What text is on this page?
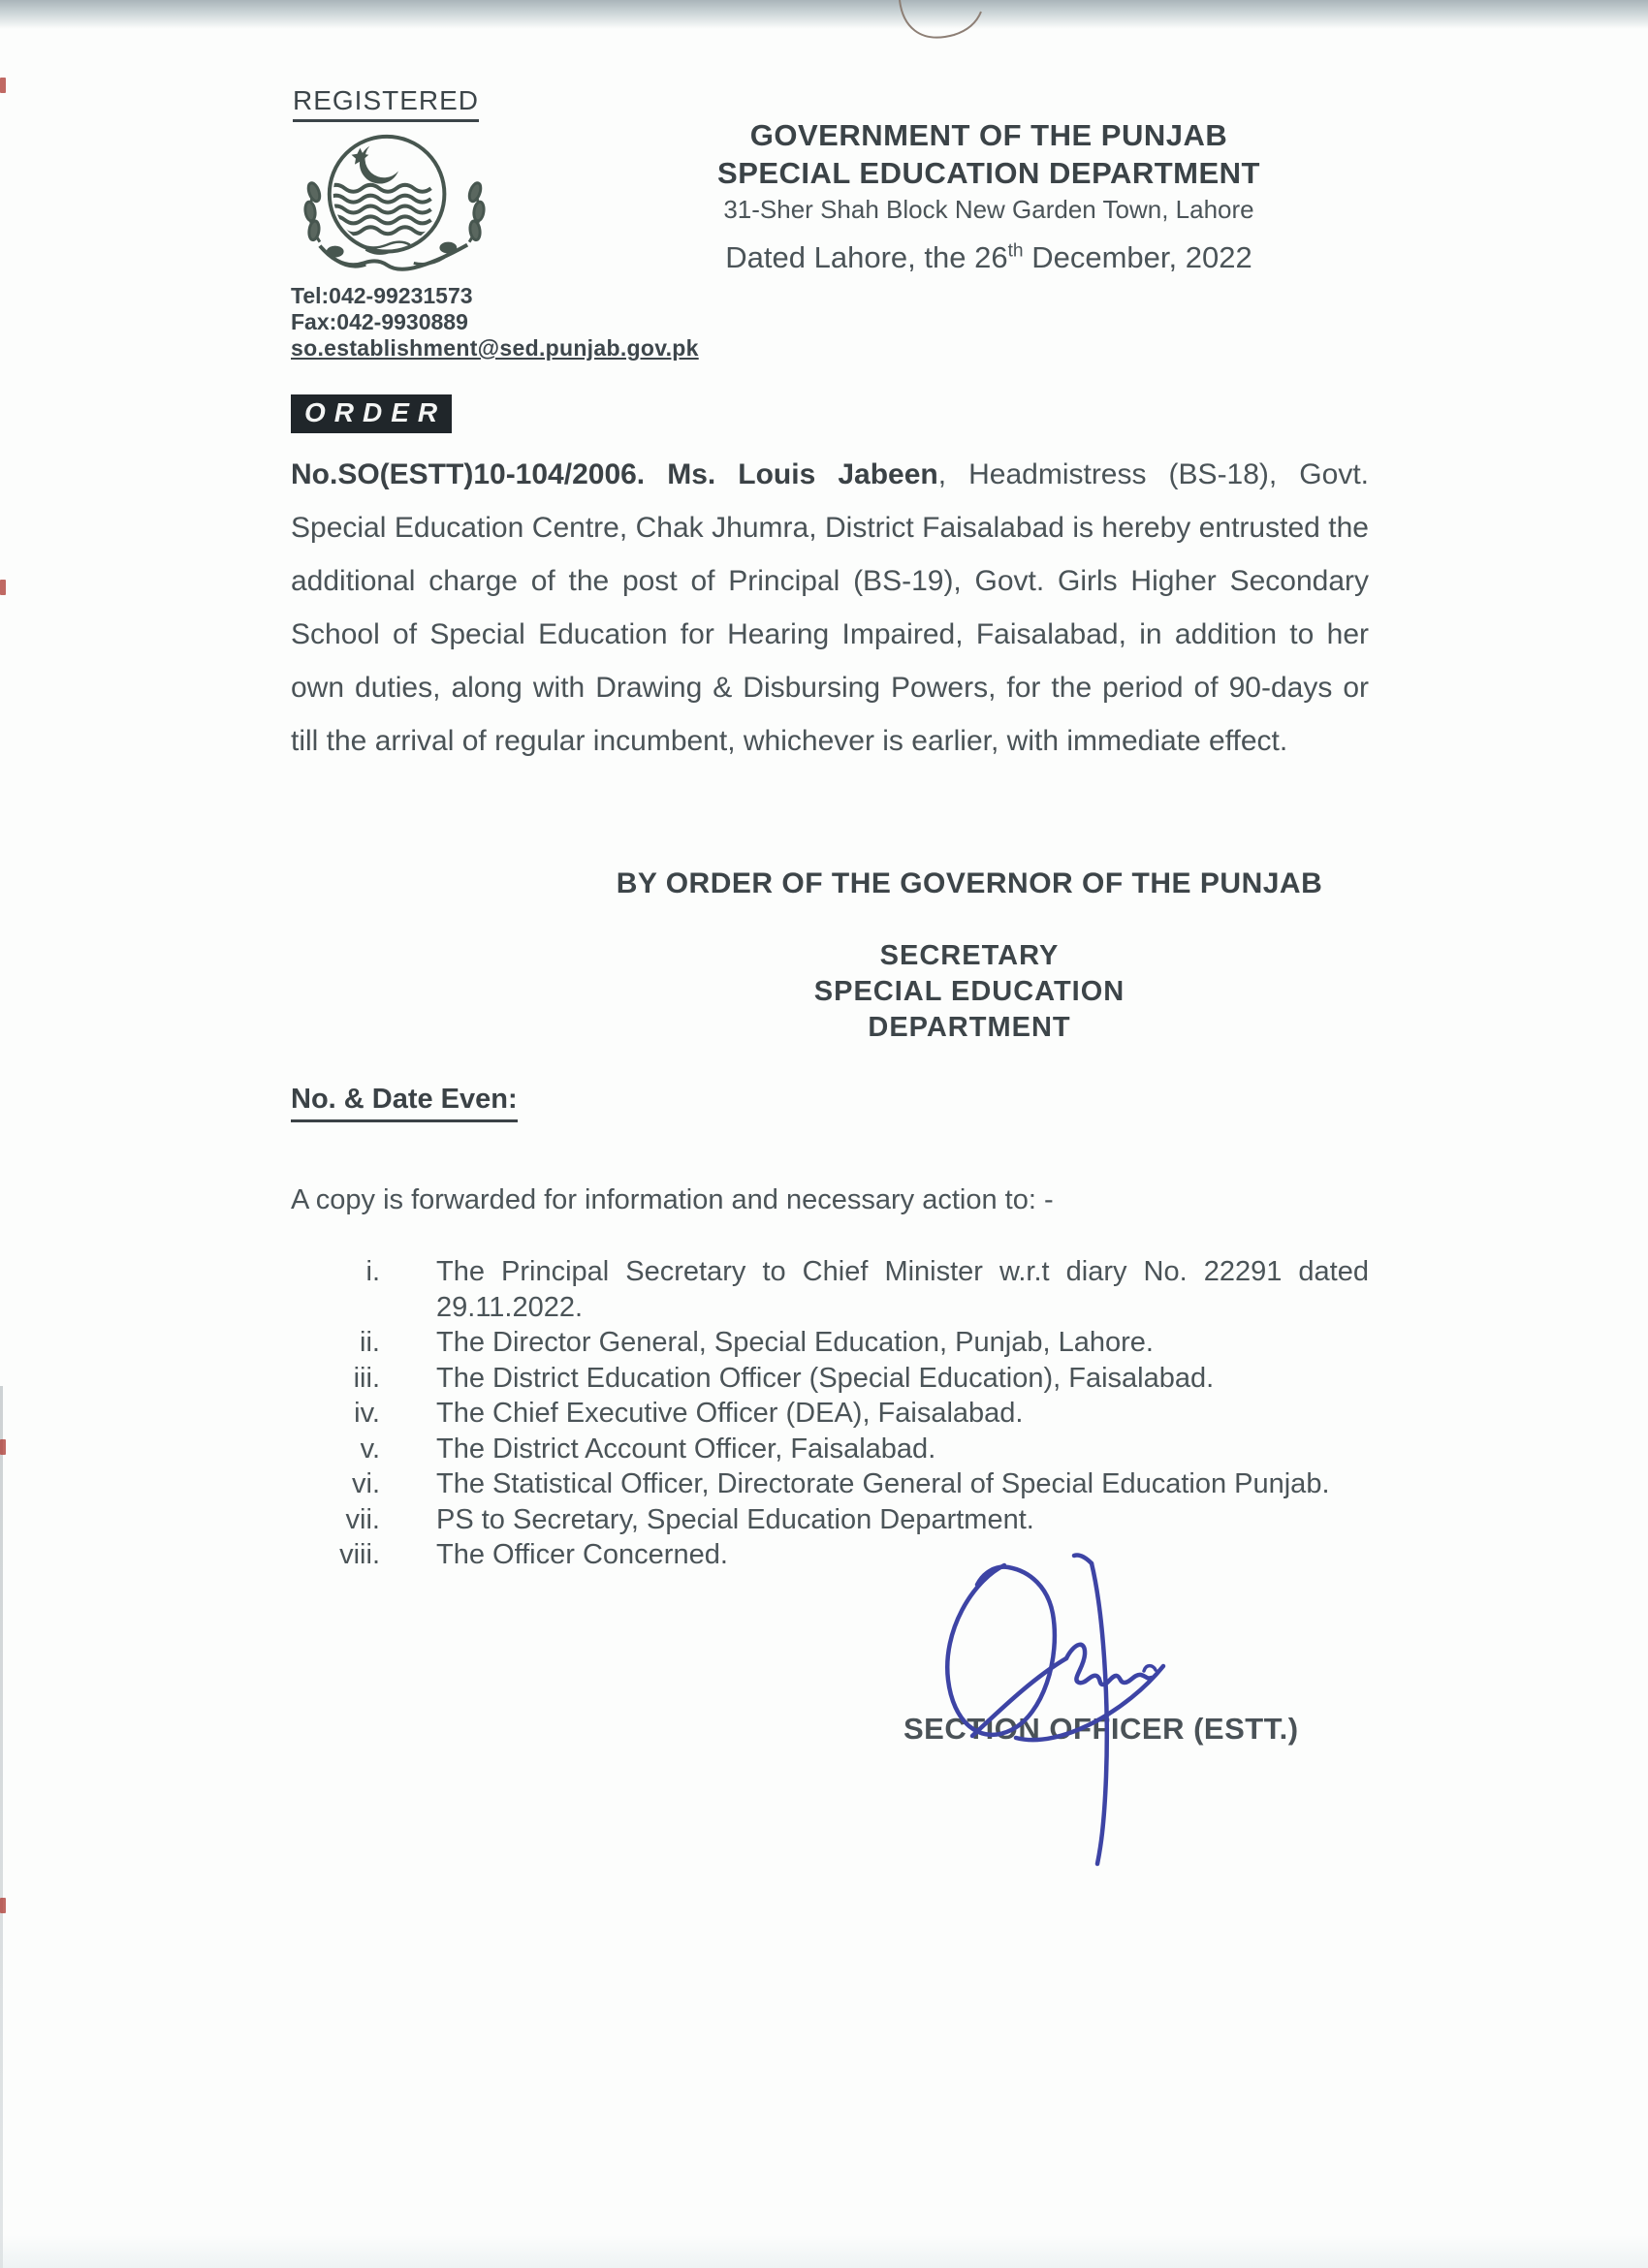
REGISTERED
Tel:042-99231573
Fax:042-9930889
so.establishment@sed.punjab.gov.pk
GOVERNMENT OF THE PUNJAB
SPECIAL EDUCATION DEPARTMENT
31-Sher Shah Block New Garden Town, Lahore
Dated Lahore, the 26th December, 2022
ORDER
No.SO(ESTT)10-104/2006. Ms. Louis Jabeen, Headmistress (BS-18), Govt. Special Education Centre, Chak Jhumra, District Faisalabad is hereby entrusted the additional charge of the post of Principal (BS-19), Govt. Girls Higher Secondary School of Special Education for Hearing Impaired, Faisalabad, in addition to her own duties, along with Drawing & Disbursing Powers, for the period of 90-days or till the arrival of regular incumbent, whichever is earlier, with immediate effect.
BY ORDER OF THE GOVERNOR OF THE PUNJAB
SECRETARY
SPECIAL EDUCATION
DEPARTMENT
No. & Date Even:
A copy is forwarded for information and necessary action to: -
i. The Principal Secretary to Chief Minister w.r.t diary No. 22291 dated 29.11.2022.
ii. The Director General, Special Education, Punjab, Lahore.
iii. The District Education Officer (Special Education), Faisalabad.
iv. The Chief Executive Officer (DEA), Faisalabad.
v. The District Account Officer, Faisalabad.
vi. The Statistical Officer, Directorate General of Special Education Punjab.
vii. PS to Secretary, Special Education Department.
viii. The Officer Concerned.
SECTION OFFICER (ESTT.)
